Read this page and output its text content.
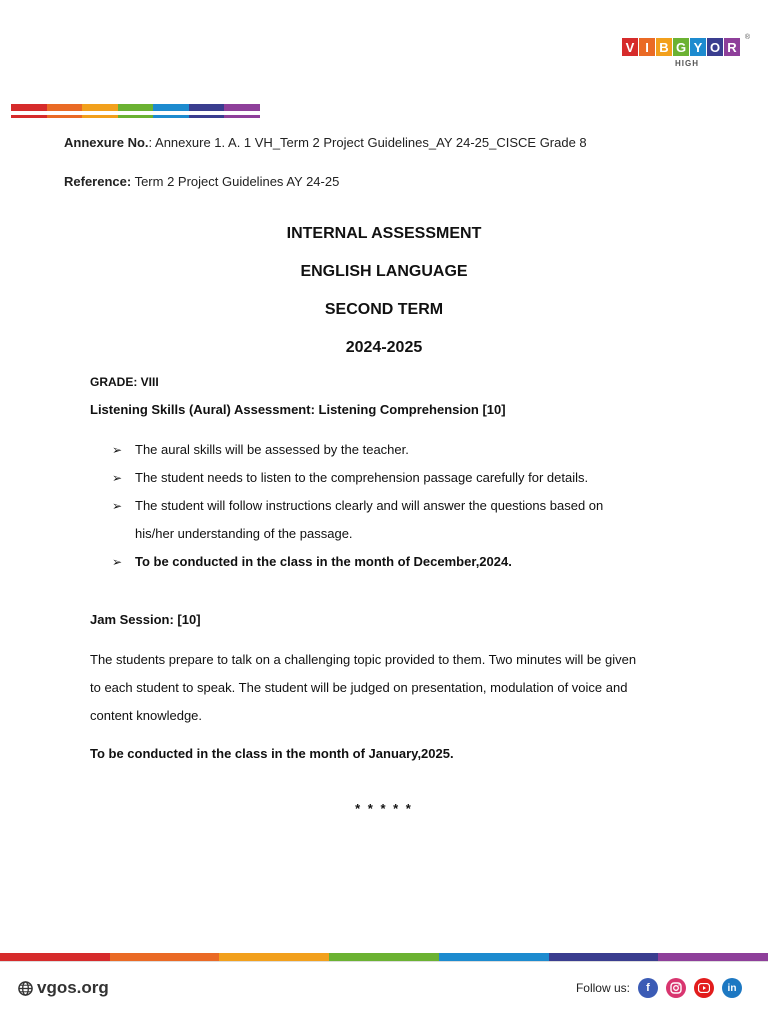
®
V I B G Y O R
HIGH
Annexure No.: Annexure 1. A. 1 VH_Term 2 Project Guidelines_AY 24-25_CISCE Grade 8
Reference: Term 2 Project Guidelines AY 24-25
INTERNAL ASSESSMENT
ENGLISH LANGUAGE
SECOND TERM
2024-2025
GRADE: VIII
Listening Skills (Aural) Assessment: Listening Comprehension [10]
➢ The aural skills will be assessed by the teacher.
➢ The student needs to listen to the comprehension passage carefully for details.
➢ The student will follow instructions clearly and will answer the questions based on
his/her understanding of the passage.
➢ To be conducted in the class in the month of December,2024.
Jam Session: [10]
The students prepare to talk on a challenging topic provided to them. Two minutes will be given
to each student to speak. The student will be judged on presentation, modulation of voice and
content knowledge.
To be conducted in the class in the month of January,2025.
* * * * *
vgos.org	Follow us:	f	in
